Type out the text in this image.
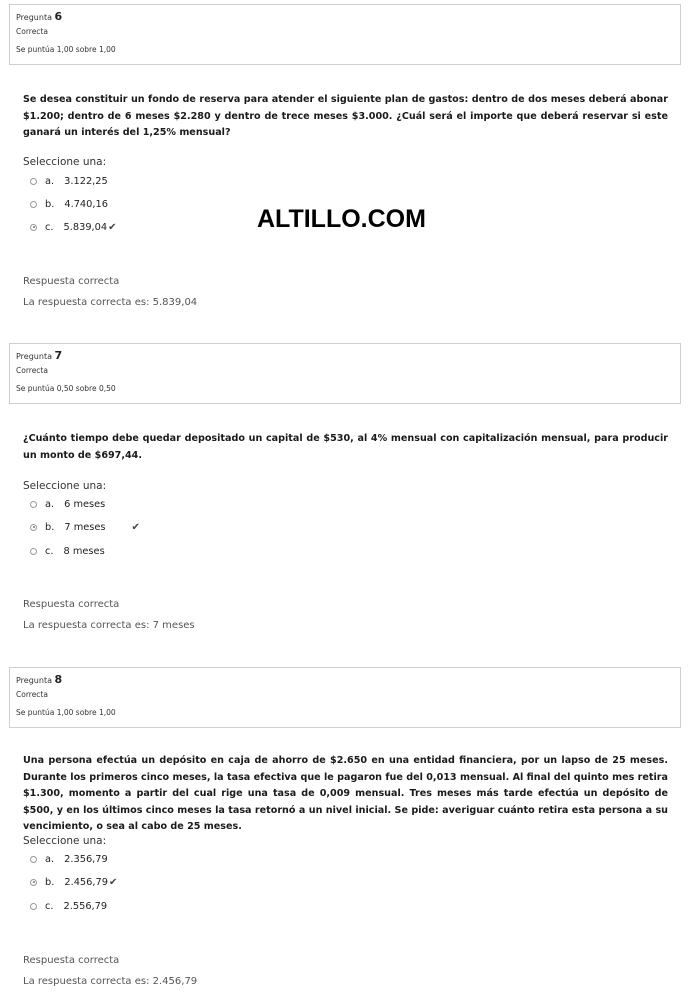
Pregunta 6
Correcta
Se puntúa 1,00 sobre 1,00
Se desea constituir un fondo de reserva para atender el siguiente plan de gastos: dentro de dos meses deberá abonar $1.200; dentro de 6 meses $2.280 y dentro de trece meses $3.000. ¿Cuál será el importe que deberá reservar si este ganará un interés del 1,25% mensual?
Seleccione una:
a. 3.122,25
b. 4.740,16
c. 5.839,04 ✔	ALTILLO.COM
Respuesta correcta
La respuesta correcta es: 5.839,04
Pregunta 7
Correcta
Se puntúa 0,50 sobre 0,50
¿Cuánto tiempo debe quedar depositado un capital de $530, al 4% mensual con capitalización mensual, para producir un monto de $697,44.
Seleccione una:
a. 6 meses
b. 7 meses	✔
c. 8 meses
Respuesta correcta
La respuesta correcta es: 7 meses
Pregunta 8
Correcta
Se puntúa 1,00 sobre 1,00
Una persona efectúa un depósito en caja de ahorro de $2.650 en una entidad financiera, por un lapso de 25 meses. Durante los primeros cinco meses, la tasa efectiva que le pagaron fue del 0,013 mensual. Al final del quinto mes retira $1.300, momento a partir del cual rige una tasa de 0,009 mensual. Tres meses más tarde efectúa un depósito de $500, y en los últimos cinco meses la tasa retornó a un nivel inicial. Se pide: averiguar cuánto retira esta persona a su vencimiento, o sea al cabo de 25 meses.
Seleccione una:
a. 2.356,79
b. 2.456,79 ✔
c. 2.556,79
Respuesta correcta
La respuesta correcta es: 2.456,79
